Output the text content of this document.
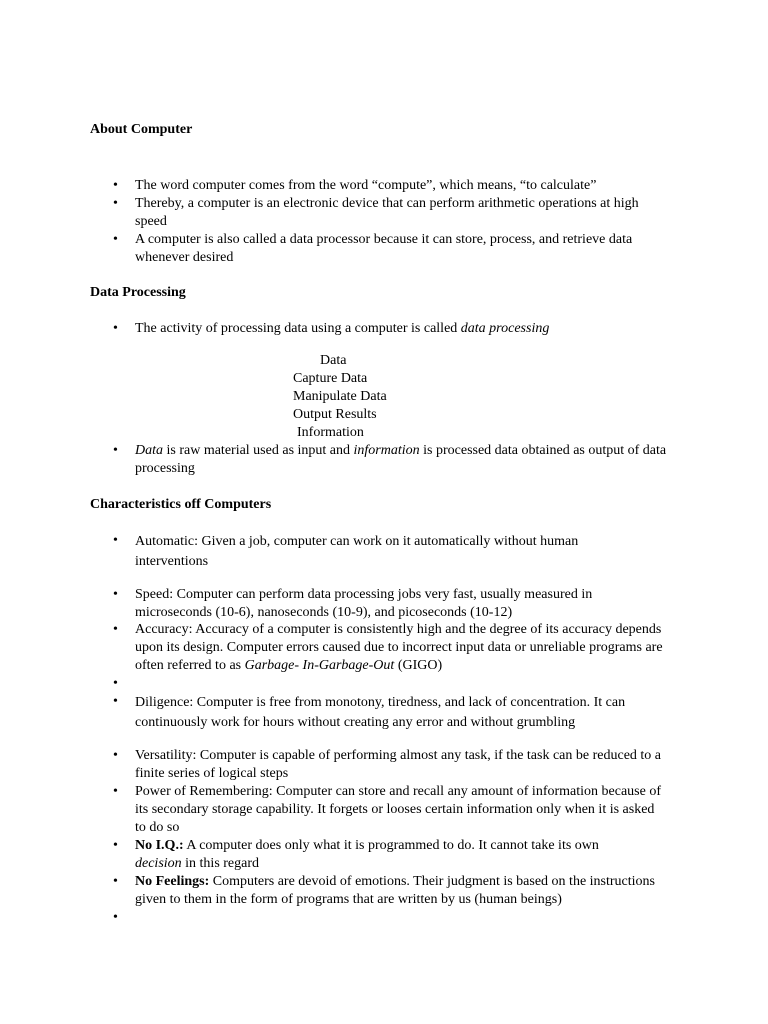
About Computer
• The word computer comes from the word “compute”, which means, “to calculate”

• Thereby, a computer is an electronic device that can perform arithmetic operations at high speed

• A computer is also called a data processor because it can store, process, and retrieve data whenever desired

Data Processing
• The activity of processing data using a computer is called data processing

Data
Capture Data
Manipulate Data
Output Results
Information
• Data is raw material used as input and information is processed data obtained as output of data processing

Characteristics off Computers
• Automatic: Given a job, computer can work on it automatically without human interventions

• Speed: Computer can perform data processing jobs very fast, usually measured in microseconds (10-6), nanoseconds (10-9), and picoseconds (10-12)

• Accuracy: Accuracy of a computer is consistently high and the degree of its accuracy depends upon its design. Computer errors caused due to incorrect input data or unreliable programs are often referred to as Garbage- In-Garbage-Out (GIGO)

•
• Diligence: Computer is free from monotony, tiredness, and lack of concentration. It can continuously work for hours without creating any error and without grumbling

• Versatility: Computer is capable of performing almost any task, if the task can be reduced to a finite series of logical steps

• Power of Remembering: Computer can store and recall any amount of information because of its secondary storage capability. It forgets or looses certain information only when it is asked to do so

• No I.Q.: A computer does only what it is programmed to do. It cannot take its own decision in this regard

• No Feelings: Computers are devoid of emotions. Their judgment is based on the instructions given to them in the form of programs that are written by us (human beings)

•
